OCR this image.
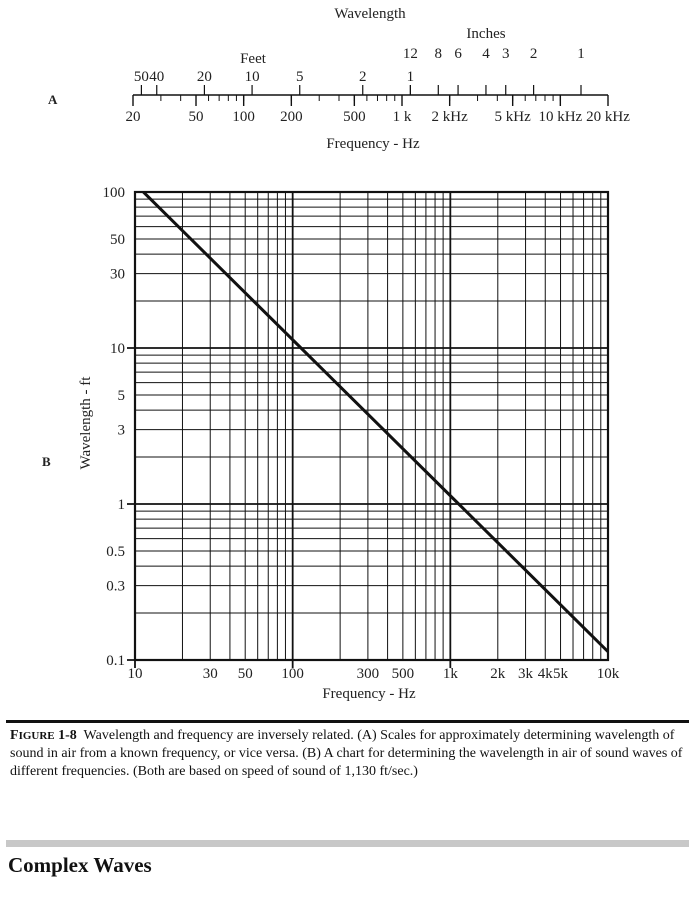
A
Wavelength
Feet
Inches
Frequency - Hz
20	50 100 200	500 1 k 2 kHz 5 kHz 10 kHz 20 kHz
50 40 20 10 5	2	1
12 8 6 4 3 2	1
B Wavelength - ft
Frequency - Hz
10	30 50 100	300 500 1k 2k 3k 4k 5k 10k
100
50
30
10
5
3
1
0.5
0.3
0.1
FIGURE 1-8 Wavelength and frequency are inversely related. (A) Scales for approximately determining wavelength of sound in air from a known frequency, or vice versa. (B) A chart for determining the wavelength in air of sound waves of different frequencies. (Both are based on speed of sound of 1,130 ft/sec.)
Complex Waves
